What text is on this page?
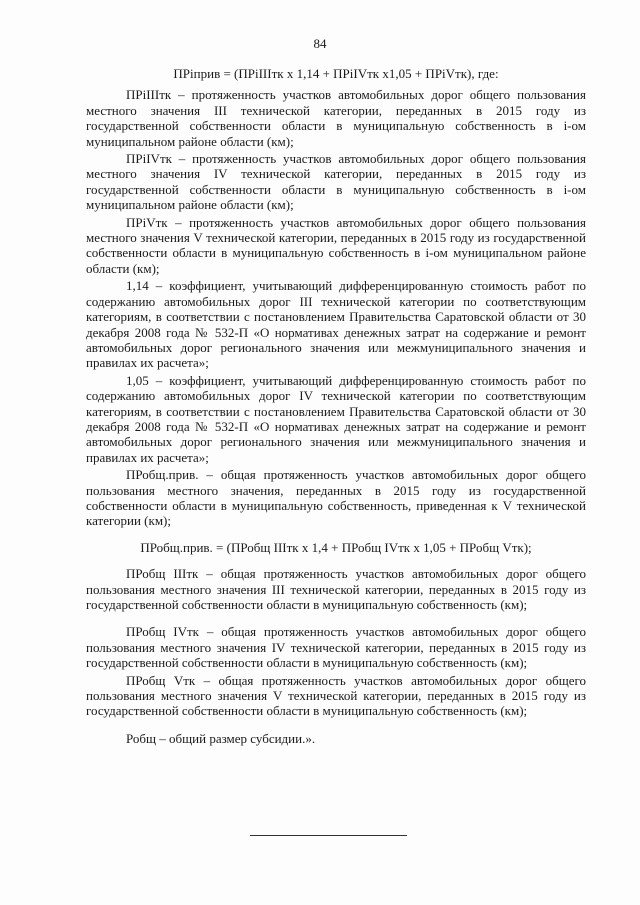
84
ПРiприв = (ПРiIIIтк х 1,14 + ПРiIVтк х1,05 + ПРiVтк), где:

ПРiIIIтк – протяженность участков автомобильных дорог общего пользования местного значения III технической категории, переданных в 2015 году из государственной собственности области в муниципальную собственность в i-ом муниципальном районе области (км);

ПРiIVтк – протяженность участков автомобильных дорог общего пользования местного значения IV технической категории, переданных в 2015 году из государственной собственности области в муниципальную собственность в i-ом муниципальном районе области (км);

ПРiVтк – протяженность участков автомобильных дорог общего пользования местного значения V технической категории, переданных в 2015 году из государственной собственности области в муниципальную собственность в i-ом муниципальном районе области (км);

1,14 – коэффициент, учитывающий дифференцированную стоимость работ по содержанию автомобильных дорог III технической категории по соответствующим категориям, в соответствии с постановлением Правительства Саратовской области от 30 декабря 2008 года № 532-П «О нормативах денежных затрат на содержание и ремонт автомобильных дорог регионального значения или межмуниципального значения и правилах их расчета»;

1,05 – коэффициент, учитывающий дифференцированную стоимость работ по содержанию автомобильных дорог IV технической категории по соответствующим категориям, в соответствии с постановлением Правительства Саратовской области от 30 декабря 2008 года № 532-П «О нормативах денежных затрат на содержание и ремонт автомобильных дорог регионального значения или межмуниципального значения и правилах их расчета»;

ПРобщ.прив. – общая протяженность участков автомобильных дорог общего пользования местного значения, переданных в 2015 году из государственной собственности области в муниципальную собственность, приведенная к V технической категории (км);

ПРобщ.прив. = (ПРобщ IIIтк х 1,4 + ПРобщ IVтк х 1,05 + ПРобщ Vтк);

ПРобщ IIIтк – общая протяженность участков автомобильных дорог общего пользования местного значения III технической категории, переданных в 2015 году из государственной собственности области в муниципальную собственность (км);

ПРобщ IVтк – общая протяженность участков автомобильных дорог общего пользования местного значения IV технической категории, переданных в 2015 году из государственной собственности области в муниципальную собственность (км);

ПРобщ Vтк – общая протяженность участков автомобильных дорог общего пользования местного значения V технической категории, переданных в 2015 году из государственной собственности области в муниципальную собственность (км);

Робщ – общий размер субсидии.».
